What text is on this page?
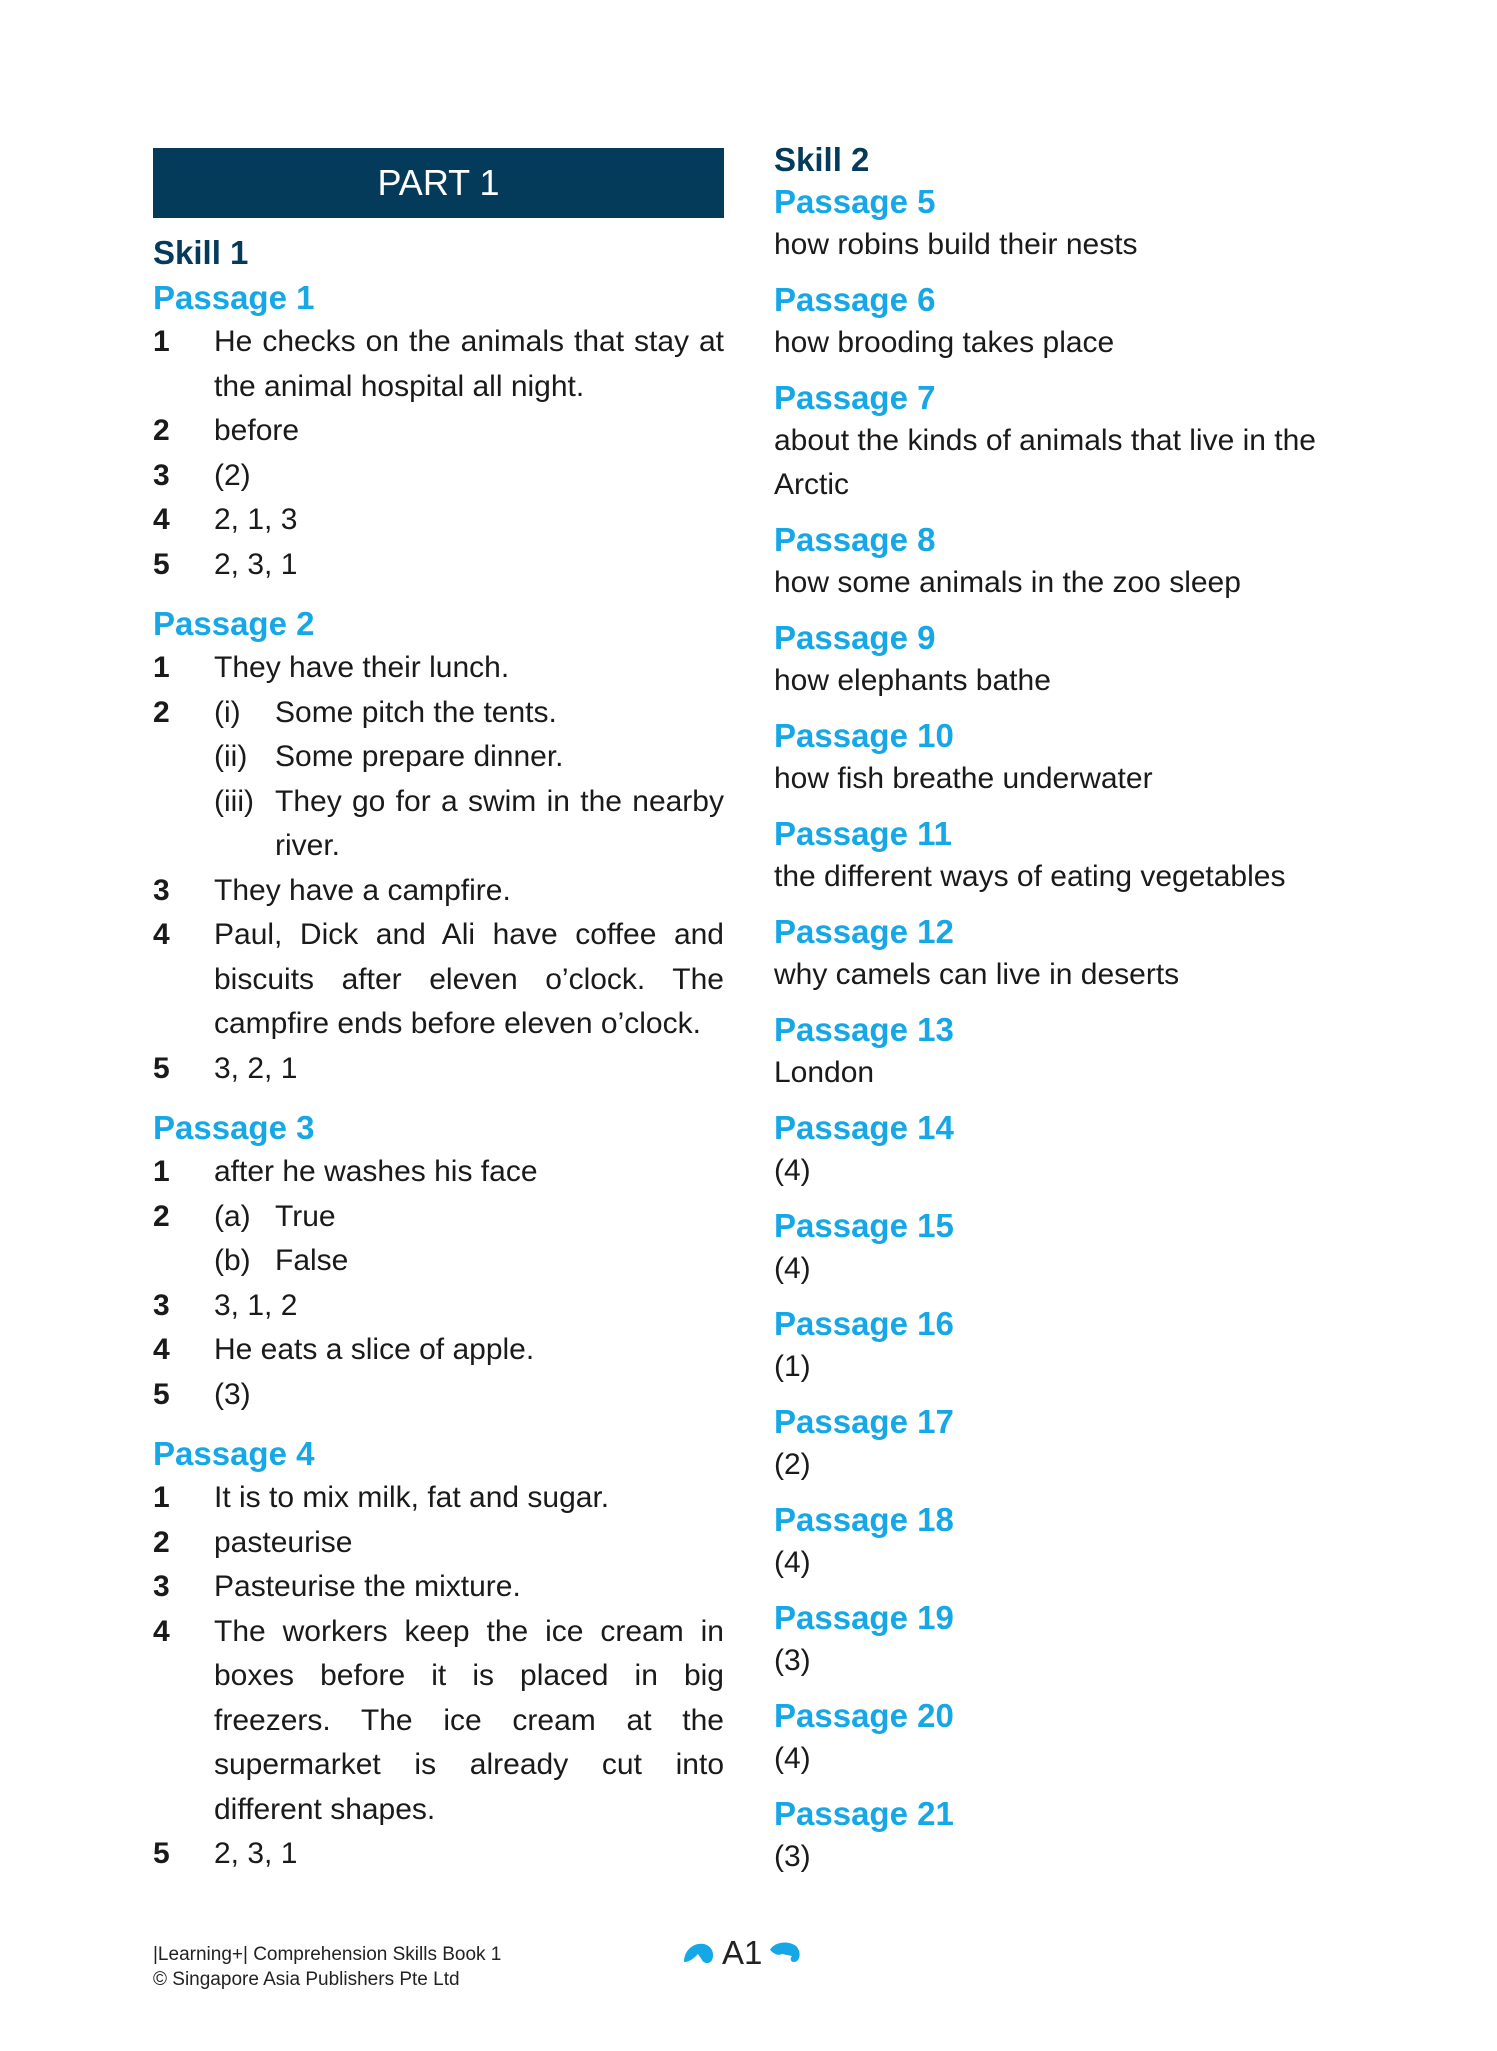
PART 1
Skill 1
Passage 1
1 He checks on the animals that stay at the animal hospital all night.
2 before
3 (2)
4 2, 1, 3
5 2, 3, 1
Passage 2
1 They have their lunch.
2 (i) Some pitch the tents.
(ii) Some prepare dinner.
(iii) They go for a swim in the nearby river.
3 They have a campfire.
4 Paul, Dick and Ali have coffee and biscuits after eleven o’clock. The campfire ends before eleven o’clock.
5 3, 2, 1
Passage 3
1 after he washes his face
2 (a) True
(b) False
3 3, 1, 2
4 He eats a slice of apple.
5 (3)
Passage 4
1 It is to mix milk, fat and sugar.
2 pasteurise
3 Pasteurise the mixture.
4 The workers keep the ice cream in boxes before it is placed in big freezers. The ice cream at the supermarket is already cut into different shapes.
5 2, 3, 1
Skill 2
Passage 5
how robins build their nests
Passage 6
how brooding takes place
Passage 7
about the kinds of animals that live in the Arctic
Passage 8
how some animals in the zoo sleep
Passage 9
how elephants bathe
Passage 10
how fish breathe underwater
Passage 11
the different ways of eating vegetables
Passage 12
why camels can live in deserts
Passage 13
London
Passage 14
(4)
Passage 15
(4)
Passage 16
(1)
Passage 17
(2)
Passage 18
(4)
Passage 19
(3)
Passage 20
(4)
Passage 21
(3)
|Learning+| Comprehension Skills Book 1
© Singapore Asia Publishers Pte Ltd
A1
